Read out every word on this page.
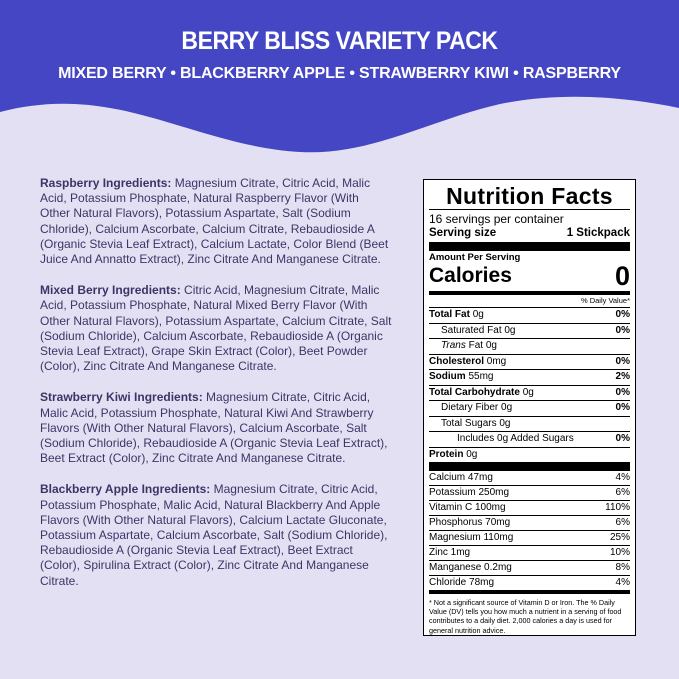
BERRY BLISS VARIETY PACK
MIXED BERRY • BLACKBERRY APPLE • STRAWBERRY KIWI • RASPBERRY
Raspberry Ingredients: Magnesium Citrate, Citric Acid, Malic Acid, Potassium Phosphate, Natural Raspberry Flavor (With Other Natural Flavors), Potassium Aspartate, Salt (Sodium Chloride), Calcium Ascorbate, Calcium Citrate, Rebaudioside A (Organic Stevia Leaf Extract), Calcium Lactate, Color Blend (Beet Juice And Annatto Extract), Zinc Citrate And Manganese Citrate.
Mixed Berry Ingredients: Citric Acid, Magnesium Citrate, Malic Acid, Potassium Phosphate, Natural Mixed Berry Flavor (With Other Natural Flavors), Potassium Aspartate, Calcium Citrate, Salt (Sodium Chloride), Calcium Ascorbate, Rebaudioside A (Organic Stevia Leaf Extract), Grape Skin Extract (Color), Beet Powder (Color), Zinc Citrate And Manganese Citrate.
Strawberry Kiwi Ingredients: Magnesium Citrate, Citric Acid, Malic Acid, Potassium Phosphate, Natural Kiwi And Strawberry Flavors (With Other Natural Flavors), Calcium Ascorbate, Salt (Sodium Chloride), Rebaudioside A (Organic Stevia Leaf Extract), Beet Extract (Color), Zinc Citrate And Manganese Citrate.
Blackberry Apple Ingredients: Magnesium Citrate, Citric Acid, Potassium Phosphate, Malic Acid, Natural Blackberry And Apple Flavors (With Other Natural Flavors), Calcium Lactate Gluconate, Potassium Aspartate, Calcium Ascorbate, Salt (Sodium Chloride), Rebaudioside A (Organic Stevia Leaf Extract), Beet Extract (Color), Spirulina Extract (Color), Zinc Citrate And Manganese Citrate.
Nutrition Facts
16 servings per container
Serving size	1 Stickpack
Amount Per Serving
Calories	0
% Daily Value*
Total Fat 0g	0%
Saturated Fat 0g	0%
Trans Fat 0g
Cholesterol 0mg	0%
Sodium 55mg	2%
Total Carbohydrate 0g	0%
Dietary Fiber 0g	0%
Total Sugars 0g
Includes 0g Added Sugars	0%
Protein 0g
Calcium 47mg	4%
Potassium 250mg	6%
Vitamin C 100mg	110%
Phosphorus 70mg	6%
Magnesium 110mg	25%
Zinc 1mg	10%
Manganese 0.2mg	8%
Chloride 78mg	4%
* Not a significant source of Vitamin D or Iron. The % Daily Value (DV) tells you how much a nutrient in a serving of food contributes to a daily diet. 2,000 calories a day is used for general nutrition advice.
